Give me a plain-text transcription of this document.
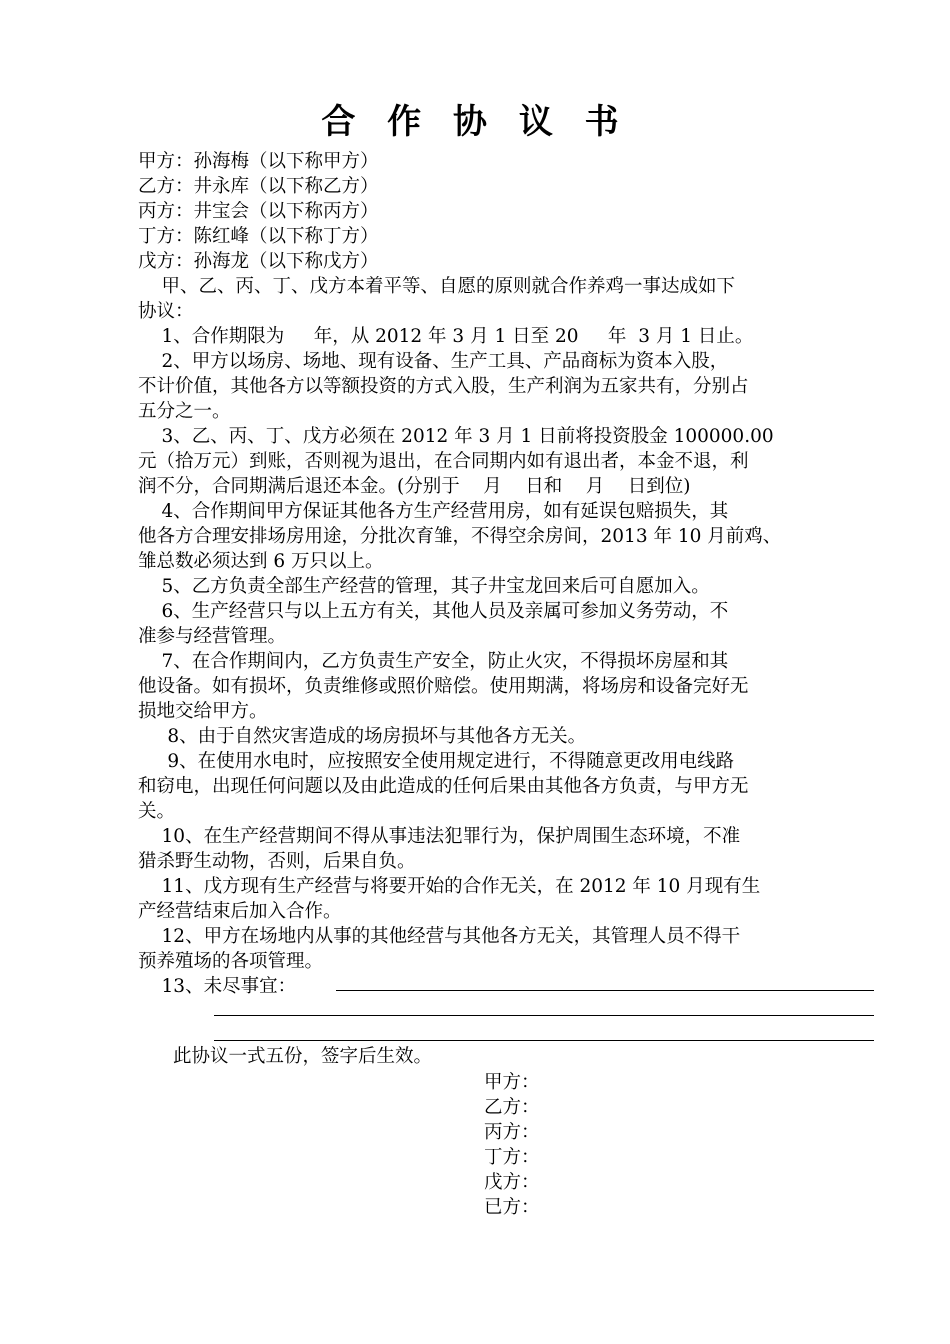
合 作 协 议 书
甲方：孙海梅（以下称甲方）
乙方：井永库（以下称乙方）
丙方：井宝会（以下称丙方）
丁方：陈红峰（以下称丁方）
戊方：孙海龙（以下称戊方）
甲、乙、丙、丁、戊方本着平等、自愿的原则就合作养鸡一事达成如下
协议：
1、合作期限为     年，从 2012 年 3 月 1 日至 20     年  3 月 1 日止。
2、甲方以场房、场地、现有设备、生产工具、产品商标为资本入股，
不计价值，其他各方以等额投资的方式入股，生产利润为五家共有，分别占
五分之一。
3、乙、丙、丁、戊方必须在 2012 年 3 月 1 日前将投资股金 100000.00
元（拾万元）到账，否则视为退出，在合同期内如有退出者，本金不退，利
润不分，合同期满后退还本金。(分别于    月    日和    月    日到位)
4、合作期间甲方保证其他各方生产经营用房，如有延误包赔损失，其
他各方合理安排场房用途，分批次育雏，不得空余房间，2013 年 10 月前鸡、
雏总数必须达到 6 万只以上。
5、乙方负责全部生产经营的管理，其子井宝龙回来后可自愿加入。
6、生产经营只与以上五方有关，其他人员及亲属可参加义务劳动，不
准参与经营管理。
7、在合作期间内，乙方负责生产安全，防止火灾，不得损坏房屋和其
他设备。如有损坏，负责维修或照价赔偿。使用期满，将场房和设备完好无
损地交给甲方。
8、由于自然灾害造成的场房损坏与其他各方无关。
9、在使用水电时，应按照安全使用规定进行，不得随意更改用电线路
和窃电，出现任何问题以及由此造成的任何后果由其他各方负责，与甲方无
关。
10、在生产经营期间不得从事违法犯罪行为，保护周围生态环境，不准
猎杀野生动物，否则，后果自负。
11、戊方现有生产经营与将要开始的合作无关，在 2012 年 10 月现有生
产经营结束后加入合作。
12、甲方在场地内从事的其他经营与其他各方无关，其管理人员不得干
预养殖场的各项管理。
13、未尽事宜：
此协议一式五份，签字后生效。
甲方：
乙方：
丙方：
丁方：
戊方：
已方：
